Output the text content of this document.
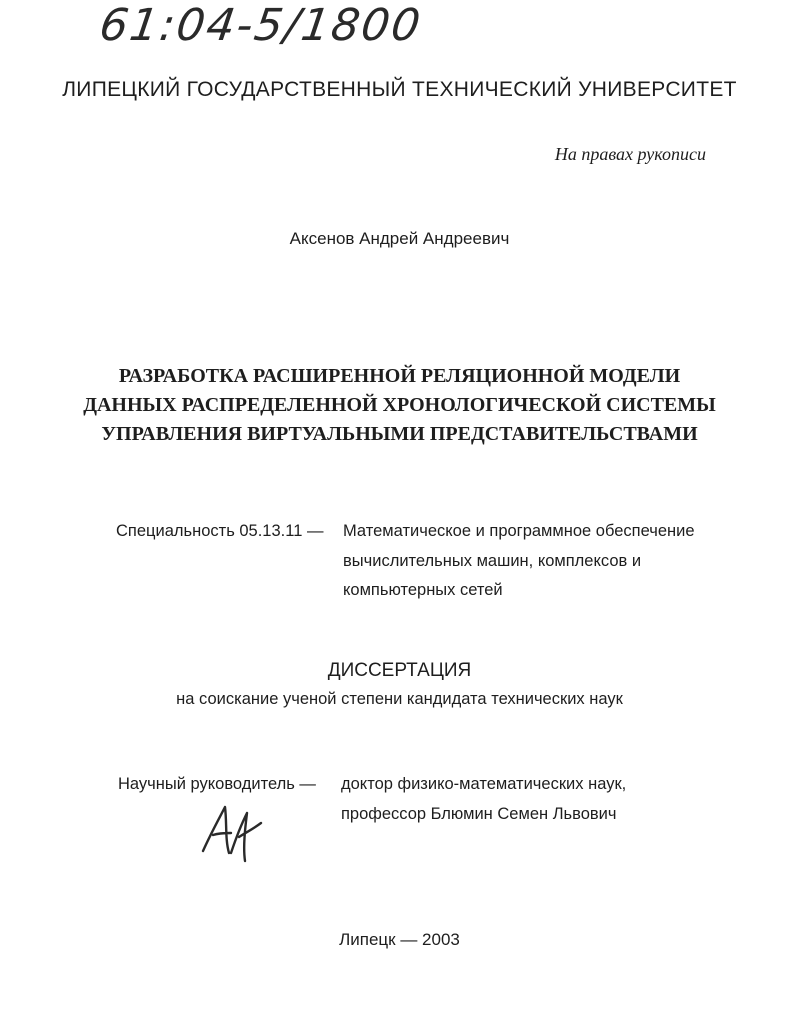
61:04-5/1800
ЛИПЕЦКИЙ ГОСУДАРСТВЕННЫЙ ТЕХНИЧЕСКИЙ УНИВЕРСИТЕТ
На правах рукописи
Аксенов Андрей Андреевич
РАЗРАБОТКА РАСШИРЕННОЙ РЕЛЯЦИОННОЙ МОДЕЛИ
ДАННЫХ РАСПРЕДЕЛЕННОЙ ХРОНОЛОГИЧЕСКОЙ СИСТЕМЫ
УПРАВЛЕНИЯ ВИРТУАЛЬНЫМИ ПРЕДСТАВИТЕЛЬСТВАМИ
Специальность 05.13.11 — Математическое и программное обеспечение
вычислительных машин, комплексов и
компьютерных сетей
ДИССЕРТАЦИЯ
на соискание ученой степени кандидата технических наук
Научный руководитель — доктор физико-математических наук,
профессор Блюмин Семен Львович
Липецк — 2003
